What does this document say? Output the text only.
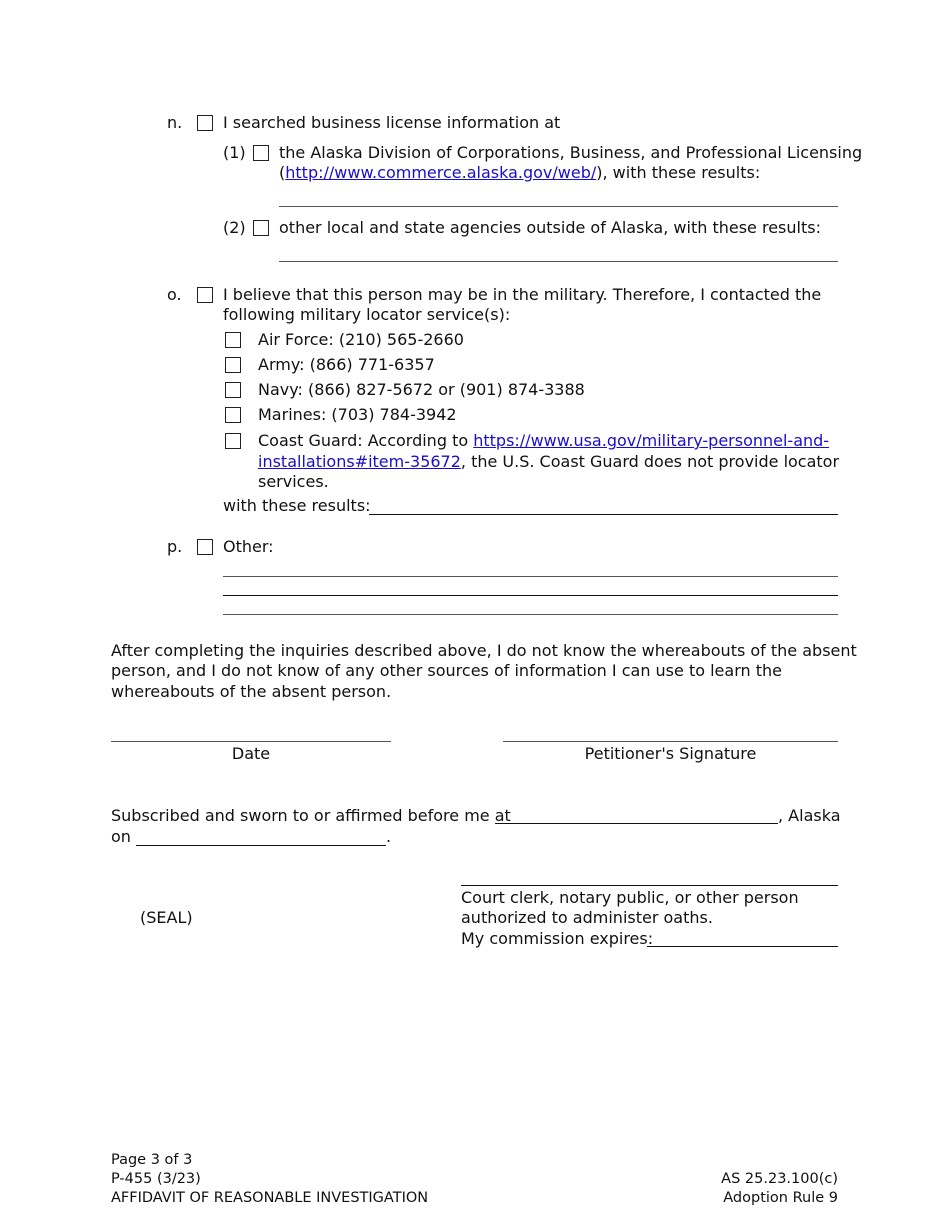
n.	I searched business license information at
(1) the Alaska Division of Corporations, Business, and Professional Licensing
(http://www.commerce.alaska.gov/web/), with these results:
(2) other local and state agencies outside of Alaska, with these results:
o.	I believe that this person may be in the military. Therefore, I contacted the
following military locator service(s):
Air Force: (210) 565-2660
Army: (866) 771-6357
Navy: (866) 827-5672 or (901) 874-3388
Marines: (703) 784-3942
Coast Guard: According to https://www.usa.gov/military-personnel-and-
installations#item-35672, the U.S. Coast Guard does not provide locator
services.
with these results:
p.	Other:
After completing the inquiries described above, I do not know the whereabouts of the absent
person, and I do not know of any other sources of information I can use to learn the
whereabouts of the absent person.
Date	Petitioner's Signature
Subscribed and sworn to or affirmed before me at	, Alaska
on	.
(SEAL)
Court clerk, notary public, or other person
authorized to administer oaths.
My commission expires:
Page 3 of 3
P-455 (3/23)
AFFIDAVIT OF REASONABLE INVESTIGATION
AS 25.23.100(c)
Adoption Rule 9
